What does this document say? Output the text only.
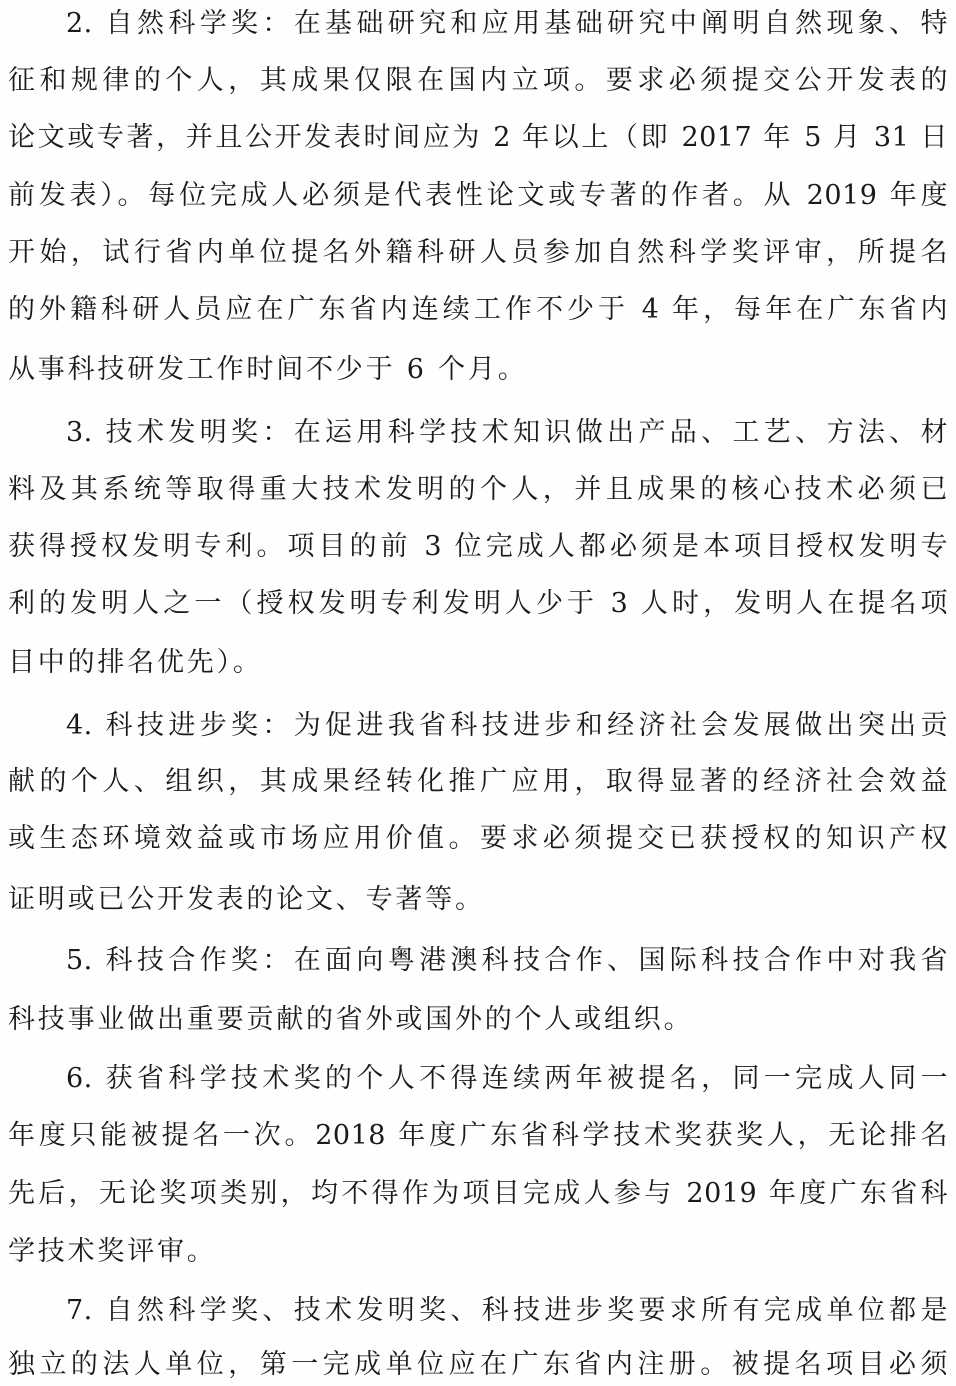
2. 自然科学奖：在基础研究和应用基础研究中阐明自然现象、特
征和规律的个人，其成果仅限在国内立项。要求必须提交公开发表的
论文或专著，并且公开发表时间应为 2 年以上（即 2017 年 5 月 31 日
前发表）。每位完成人必须是代表性论文或专著的作者。从 2019 年度
开始，试行省内单位提名外籍科研人员参加自然科学奖评审，所提名
的外籍科研人员应在广东省内连续工作不少于 4 年，每年在广东省内
从事科技研发工作时间不少于 6 个月。
3. 技术发明奖：在运用科学技术知识做出产品、工艺、方法、材
料及其系统等取得重大技术发明的个人，并且成果的核心技术必须已
获得授权发明专利。项目的前 3 位完成人都必须是本项目授权发明专
利的发明人之一（授权发明专利发明人少于 3 人时，发明人在提名项
目中的排名优先）。
4. 科技进步奖：为促进我省科技进步和经济社会发展做出突出贡
献的个人、组织，其成果经转化推广应用，取得显著的经济社会效益
或生态环境效益或市场应用价值。要求必须提交已获授权的知识产权
证明或已公开发表的论文、专著等。
5. 科技合作奖：在面向粤港澳科技合作、国际科技合作中对我省
科技事业做出重要贡献的省外或国外的个人或组织。
6. 获省科学技术奖的个人不得连续两年被提名，同一完成人同一
年度只能被提名一次。2018 年度广东省科学技术奖获奖人，无论排名
先后，无论奖项类别，均不得作为项目完成人参与 2019 年度广东省科
学技术奖评审。
7. 自然科学奖、技术发明奖、科技进步奖要求所有完成单位都是
独立的法人单位，第一完成单位应在广东省内注册。被提名项目必须
